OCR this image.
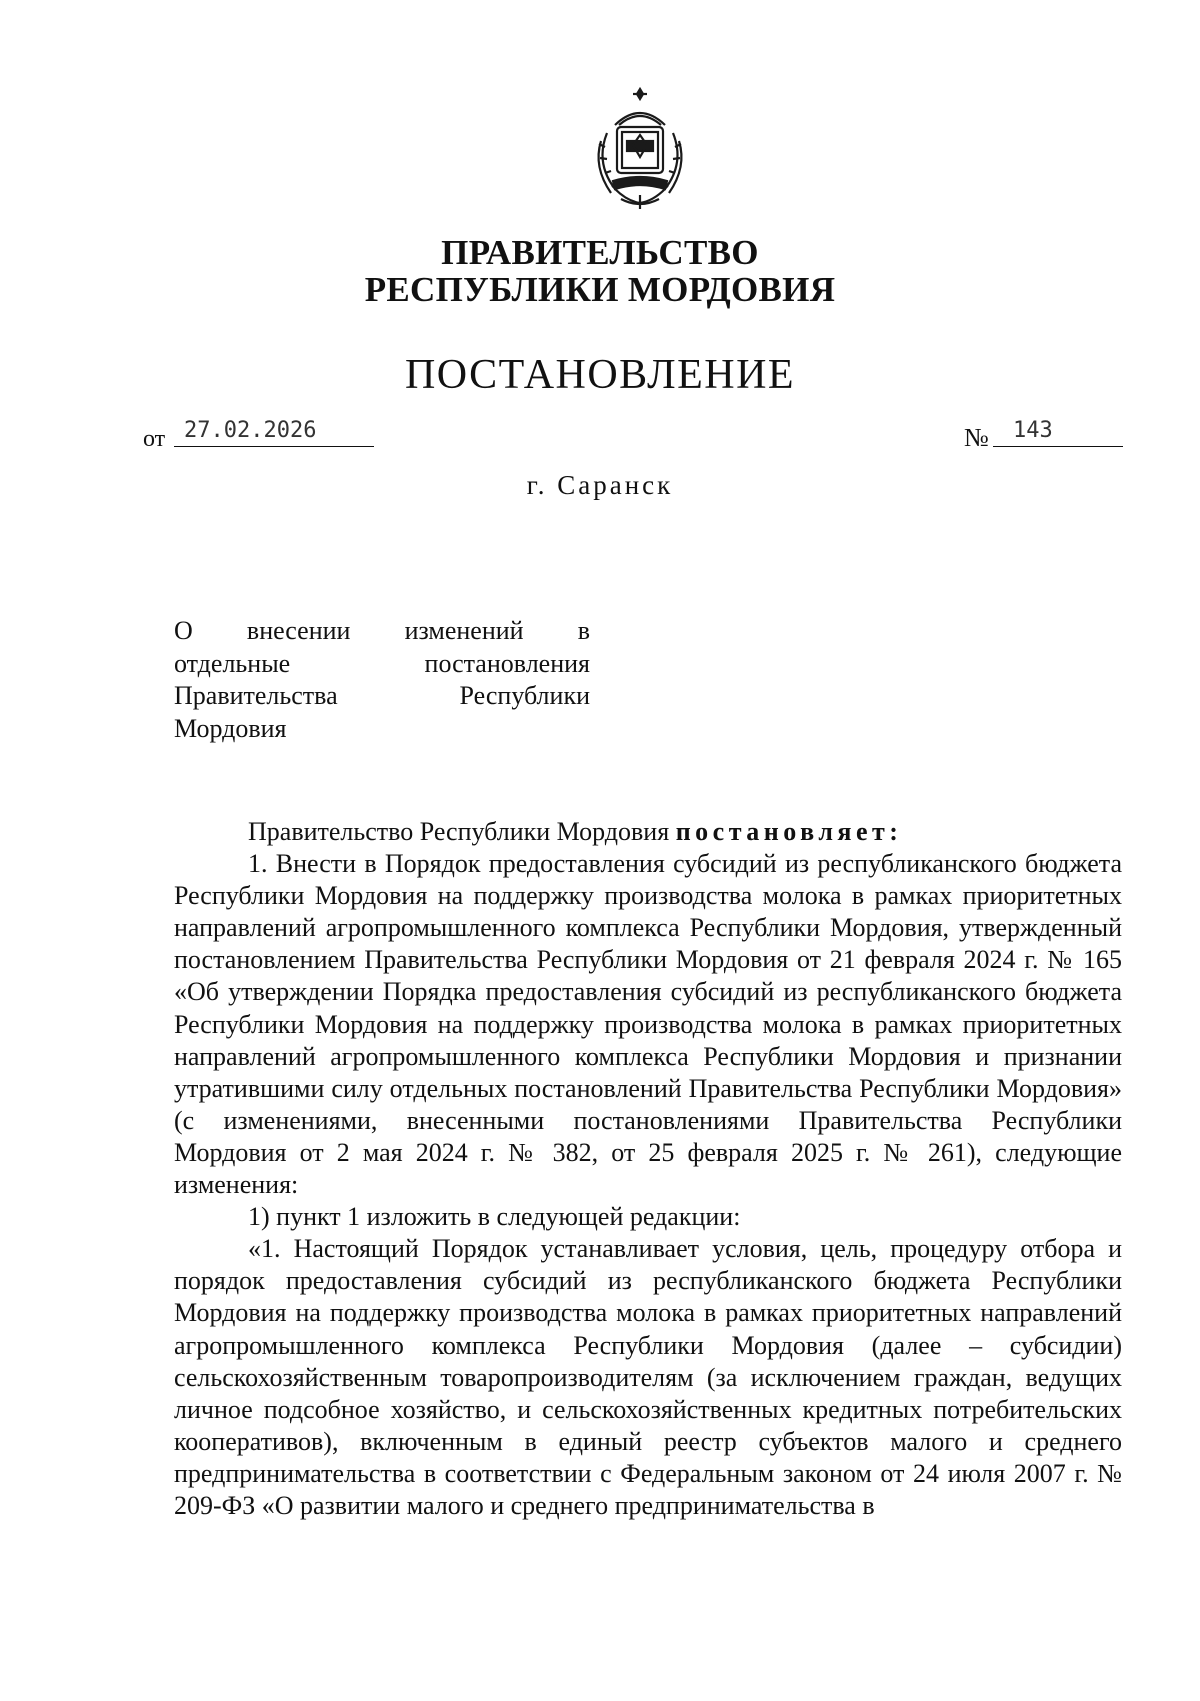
ПРАВИТЕЛЬСТВО
РЕСПУБЛИКИ МОРДОВИЯ
ПОСТАНОВЛЕНИЕ
от 27.02.2026	№ 143
г. Саранск
О внесении изменений в
отдельные постановления
Правительства Республики
Мордовия

Правительство Республики Мордовия постановляет:

1. Внести в Порядок предоставления субсидий из республиканского бюджета Республики Мордовия на поддержку производства молока в рамках приоритетных направлений агропромышленного комплекса Республики Мордовия, утвержденный постановлением Правительства Республики Мордовия от 21 февраля 2024 г. № 165 «Об утверждении Порядка предоставления субсидий из республиканского бюджета Республики Мордовия на поддержку производства молока в рамках приоритетных направлений агропромышленного комплекса Республики Мордовия и признании утратившими силу отдельных постановлений Правительства Республики Мордовия» (с изменениями, внесенными постановлениями Правительства Республики Мордовия от 2 мая 2024 г. № 382, от 25 февраля 2025 г. № 261), следующие изменения:

1) пункт 1 изложить в следующей редакции:

«1. Настоящий Порядок устанавливает условия, цель, процедуру отбора и порядок предоставления субсидий из республиканского бюджета Республики Мордовия на поддержку производства молока в рамках приоритетных направлений агропромышленного комплекса Республики Мордовия (далее – субсидии) сельскохозяйственным товаропроизводителям (за исключением граждан, ведущих личное подсобное хозяйство, и сельскохозяйственных кредитных потребительских кооперативов), включенным в единый реестр субъектов малого и среднего предпринимательства в соответствии с Федеральным законом от 24 июля 2007 г. № 209-ФЗ «О развитии малого и среднего предпринимательства в
